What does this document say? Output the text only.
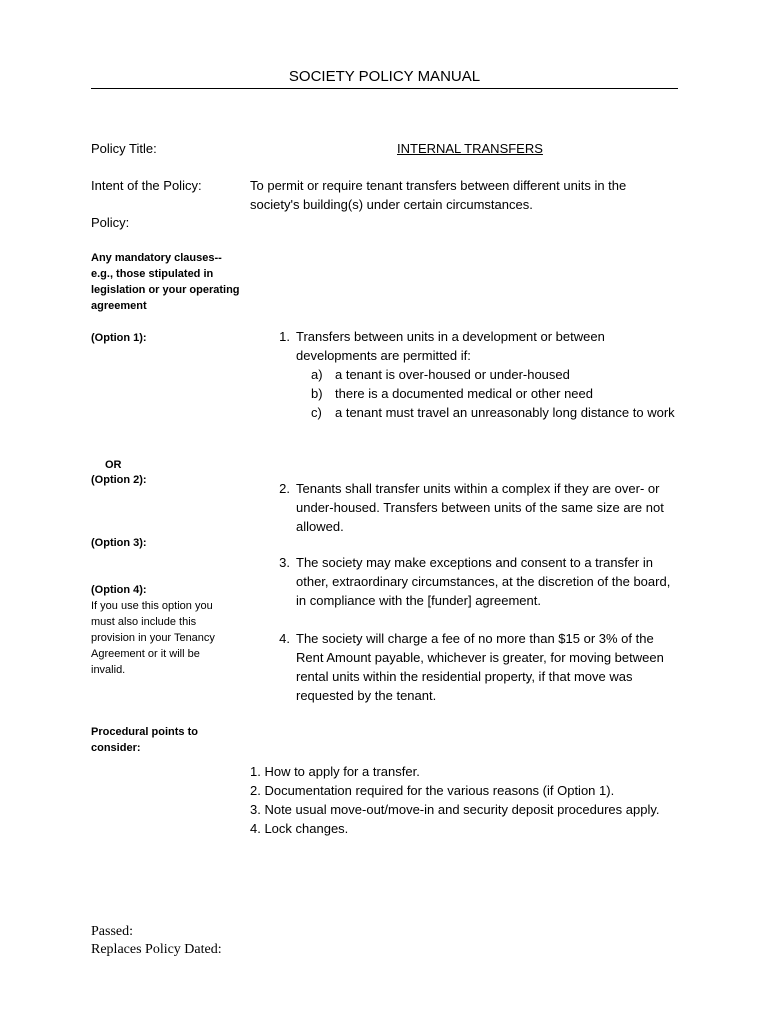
SOCIETY POLICY MANUAL
Policy Title:
Intent of the Policy:
Policy:
Any mandatory clauses--e.g., those stipulated in legislation or your operating agreement
(Option 1):
OR
(Option 2):
(Option 3):
(Option 4):
If you use this option you must also include this provision in your Tenancy Agreement or it will be invalid.
Procedural points to consider:
INTERNAL TRANSFERS
To permit or require tenant transfers between different units in the society's building(s) under certain circumstances.
1. Transfers between units in a development or between developments are permitted if:
a) a tenant is over-housed or under-housed
b) there is a documented medical or other need
c)	a tenant must travel an unreasonably long distance to work
2. Tenants shall transfer units within a complex if they are over- or under-housed. Transfers between units of the same size are not allowed.
3. The society may make exceptions and consent to a transfer in other, extraordinary circumstances, at the discretion of the board, in compliance with the [funder] agreement.
4. The society will charge a fee of no more than $15 or 3% of the Rent Amount payable, whichever is greater, for moving between rental units within the residential property, if that move was requested by the tenant.
1. How to apply for a transfer.
2. Documentation required for the various reasons (if Option 1).
3. Note usual move-out/move-in and security deposit procedures apply.
4. Lock changes.
Passed:
Replaces Policy Dated:
